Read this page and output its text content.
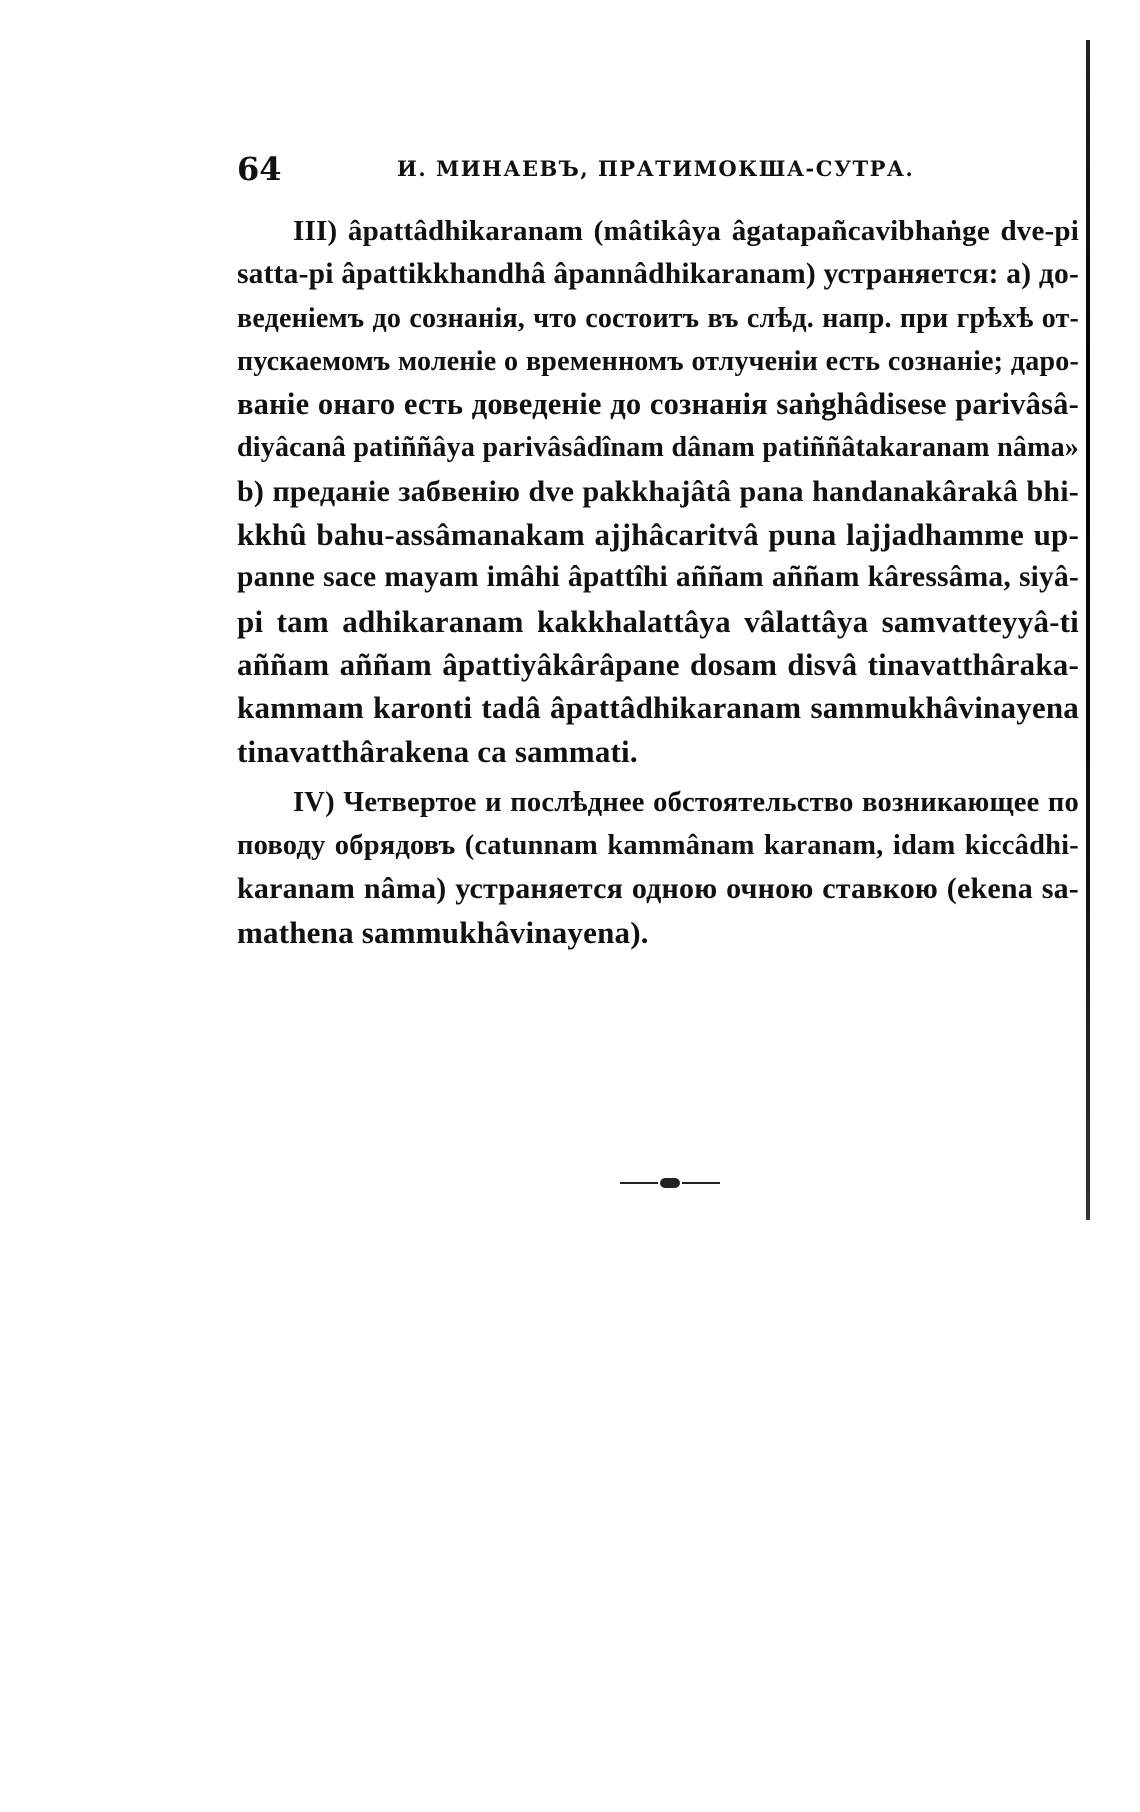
64	И. МИНАЕВЪ, ПРАТИМОКША-СУТРА.
III) âpattâdhikaranam (mâtikâya âgatapañcavibhaṅge dve-pi
satta-pi âpattikkhandhâ âpannâdhikaranam) устраняется: a) до-
веденіемъ до сознанія, что состоитъ въ слѣд. напр. при грѣхѣ от-
пускаемомъ моленіе о временномъ отлученіи есть сознаніе; даро-
ваніе онаго есть доведеніе до сознанія saṅghâdisese parivâsâ-
diyâcanâ patiññâya parivâsâdînam dânam patiññâtakaranam nâma»
b) преданіе забвенію dve pakkhajâtâ pana handanakârakâ bhi-
kkhû bahu-assâmanakam ajjhâcaritvâ puna lajjadhamme up-
panne sace mayam imâhi âpattîhi aññam aññam kâressâma, siyâ-
pi tam adhikaranam kakkhalattâya vâlattâya samvatteyyâ-ti
aññam aññam âpattiyâkârâpane dosam disvâ tinavatthâraka-
kammam karonti tadâ âpattâdhikaranam sammukhâvinayena
tinavatthârakena ca sammati.
IV) Четвертое и послѣднее обстоятельство возникающее по
поводу обрядовъ (catunnam kammânam karanam, idam kiccâdhi-
karanam nâma) устраняется одною очною ставкою (ekena sa-
mathena sammukhâvinayena).
